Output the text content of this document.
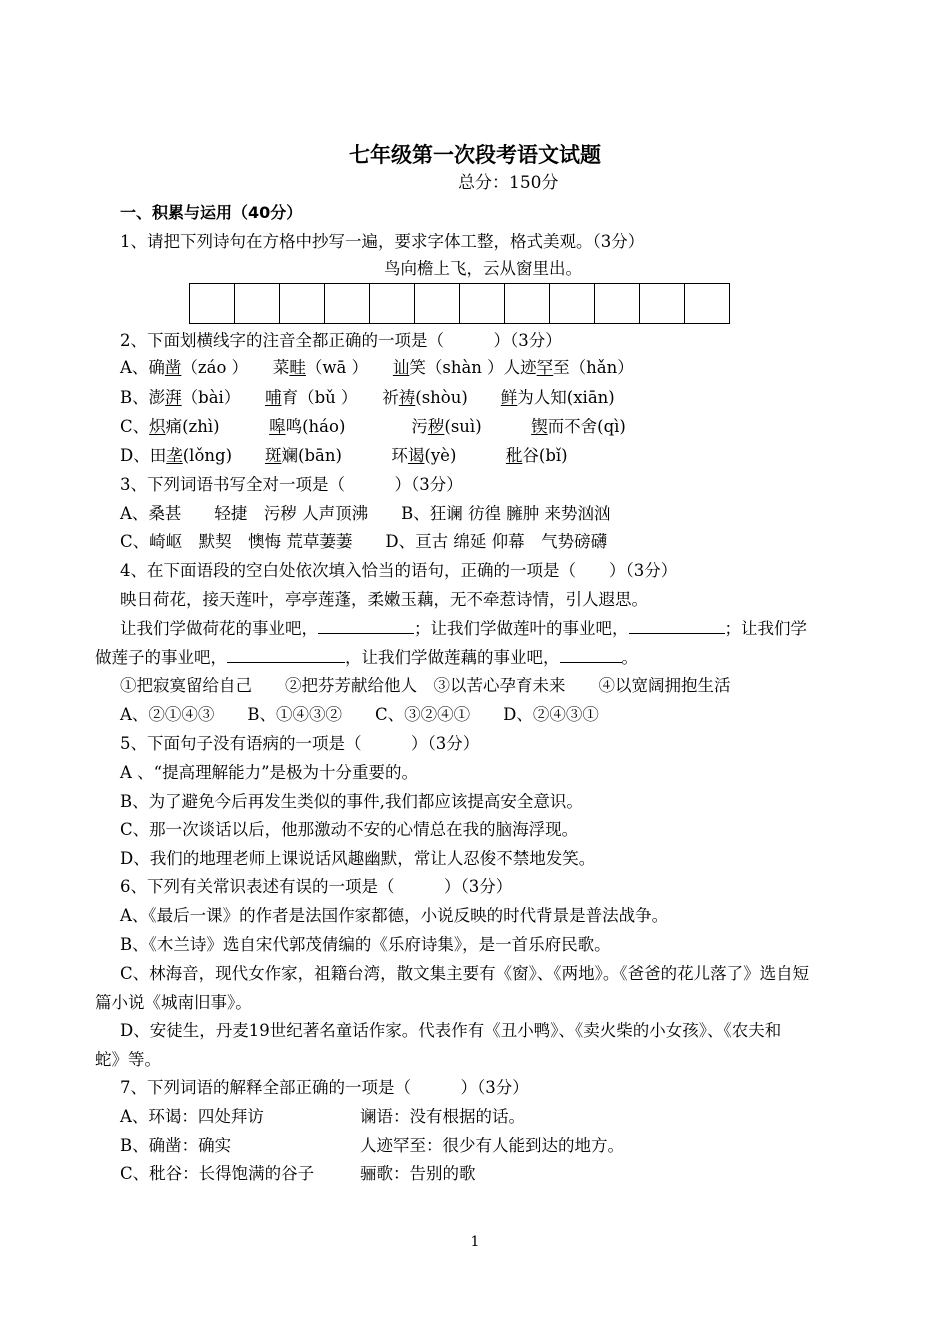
七年级第一次段考语文试题
总分：150分
一、积累与运用（40分）
1、请把下列诗句在方格中抄写一遍，要求字体工整，格式美观。（3分）
鸟向檐上飞，云从窗里出。
2、下面划横线字的注音全都正确的一项是（　　　）（3分）
A、确凿（záo ）　　菜畦（wā ）　　讪笑（shàn ）人迹罕至（hǎn）
B、澎湃（bài）　　哺育（bǔ ）　　祈祷(shòu)　　鲜为人知(xiān)
C、炽痛(zhì)　　　嗥鸣(háo)　　　　污秽(suì)　　　锲而不舍(qì)
D、田垄(lǒng)　　斑斓(bān)　　　环谒(yè)　　　秕谷(bǐ)
3、下列词语书写全对一项是（　　　）（3分）
A、桑甚　　轻捷　污秽 人声顶沸　　B、狂谰 彷徨 臃肿 来势汹汹
C、崎岖　默契　懊悔 荒草萋萋　　D、亘古 绵延 仰幕　气势磅礴
4、在下面语段的空白处依次填入恰当的语句，正确的一项是（　　）（3分）
映日荷花，接天莲叶，亭亭莲蓬，柔嫩玉藕，无不牵惹诗情，引人遐思。
让我们学做荷花的事业吧，	；让我们学做莲叶的事业吧，	；让我们学
做莲子的事业吧，	，让我们学做莲藕的事业吧，	。
①把寂寞留给自己　　②把芬芳献给他人　③以苦心孕育未来　　④以宽阔拥抱生活
A、②①④③　　B、①④③②　　C、③②④①　　D、②④③①
5、下面句子没有语病的一项是（　　　）（3分）
A 、“提高理解能力”是极为十分重要的。
B、为了避免今后再发生类似的事件,我们都应该提高安全意识。
C、那一次谈话以后，他那激动不安的心情总在我的脑海浮现。
D、我们的地理老师上课说话风趣幽默，常让人忍俊不禁地发笑。
6、下列有关常识表述有误的一项是（　　　）（3分）
A、《最后一课》的作者是法国作家都德，小说反映的时代背景是普法战争。
B、《木兰诗》选自宋代郭茂倩编的《乐府诗集》，是一首乐府民歌。
C、林海音，现代女作家，祖籍台湾，散文集主要有《窗》、《两地》。《爸爸的花儿落了》选自短
篇小说《城南旧事》。
D、安徒生，丹麦19世纪著名童话作家。代表作有《丑小鸭》、《卖火柴的小女孩》、《农夫和
蛇》等。
7、下列词语的解释全部正确的一项是（　　　）（3分）
A、环谒：四处拜访	谰语：没有根据的话。
B、确凿：确实	人迹罕至：很少有人能到达的地方。
C、秕谷：长得饱满的谷子	骊歌：告别的歌
1
